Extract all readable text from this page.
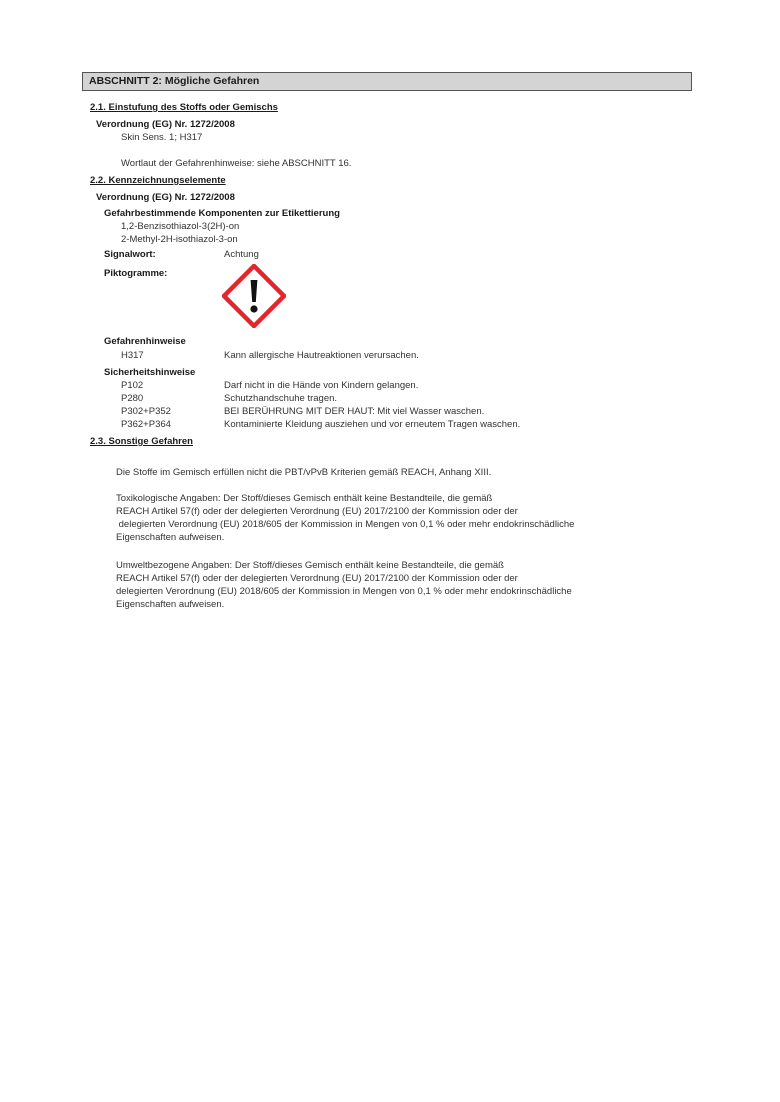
ABSCHNITT 2: Mögliche Gefahren
2.1. Einstufung des Stoffs oder Gemischs
Verordnung (EG) Nr. 1272/2008
Skin Sens. 1; H317
Wortlaut der Gefahrenhinweise: siehe ABSCHNITT 16.
2.2. Kennzeichnungselemente
Verordnung (EG) Nr. 1272/2008
Gefahrbestimmende Komponenten zur Etikettierung
1,2-Benzisothiazol-3(2H)-on
2-Methyl-2H-isothiazol-3-on
Signalwort:	Achtung
Piktogramme:
Gefahrenhinweise
H317	Kann allergische Hautreaktionen verursachen.
Sicherheitshinweise
P102	Darf nicht in die Hände von Kindern gelangen.
P280	Schutzhandschuhe tragen.
P302+P352	BEI BERÜHRUNG MIT DER HAUT: Mit viel Wasser waschen.
P362+P364	Kontaminierte Kleidung ausziehen und vor erneutem Tragen waschen.
2.3. Sonstige Gefahren
Die Stoffe im Gemisch erfüllen nicht die PBT/vPvB Kriterien gemäß REACH, Anhang XIII.
Toxikologische Angaben: Der Stoff/dieses Gemisch enthält keine Bestandteile, die gemäß
REACH Artikel 57(f) oder der delegierten Verordnung (EU) 2017/2100 der Kommission oder der
delegierten Verordnung (EU) 2018/605 der Kommission in Mengen von 0,1 % oder mehr endokrinschädliche
Eigenschaften aufweisen.
Umweltbezogene Angaben: Der Stoff/dieses Gemisch enthält keine Bestandteile, die gemäß
REACH Artikel 57(f) oder der delegierten Verordnung (EU) 2017/2100 der Kommission oder der
delegierten Verordnung (EU) 2018/605 der Kommission in Mengen von 0,1 % oder mehr endokrinschädliche
Eigenschaften aufweisen.
